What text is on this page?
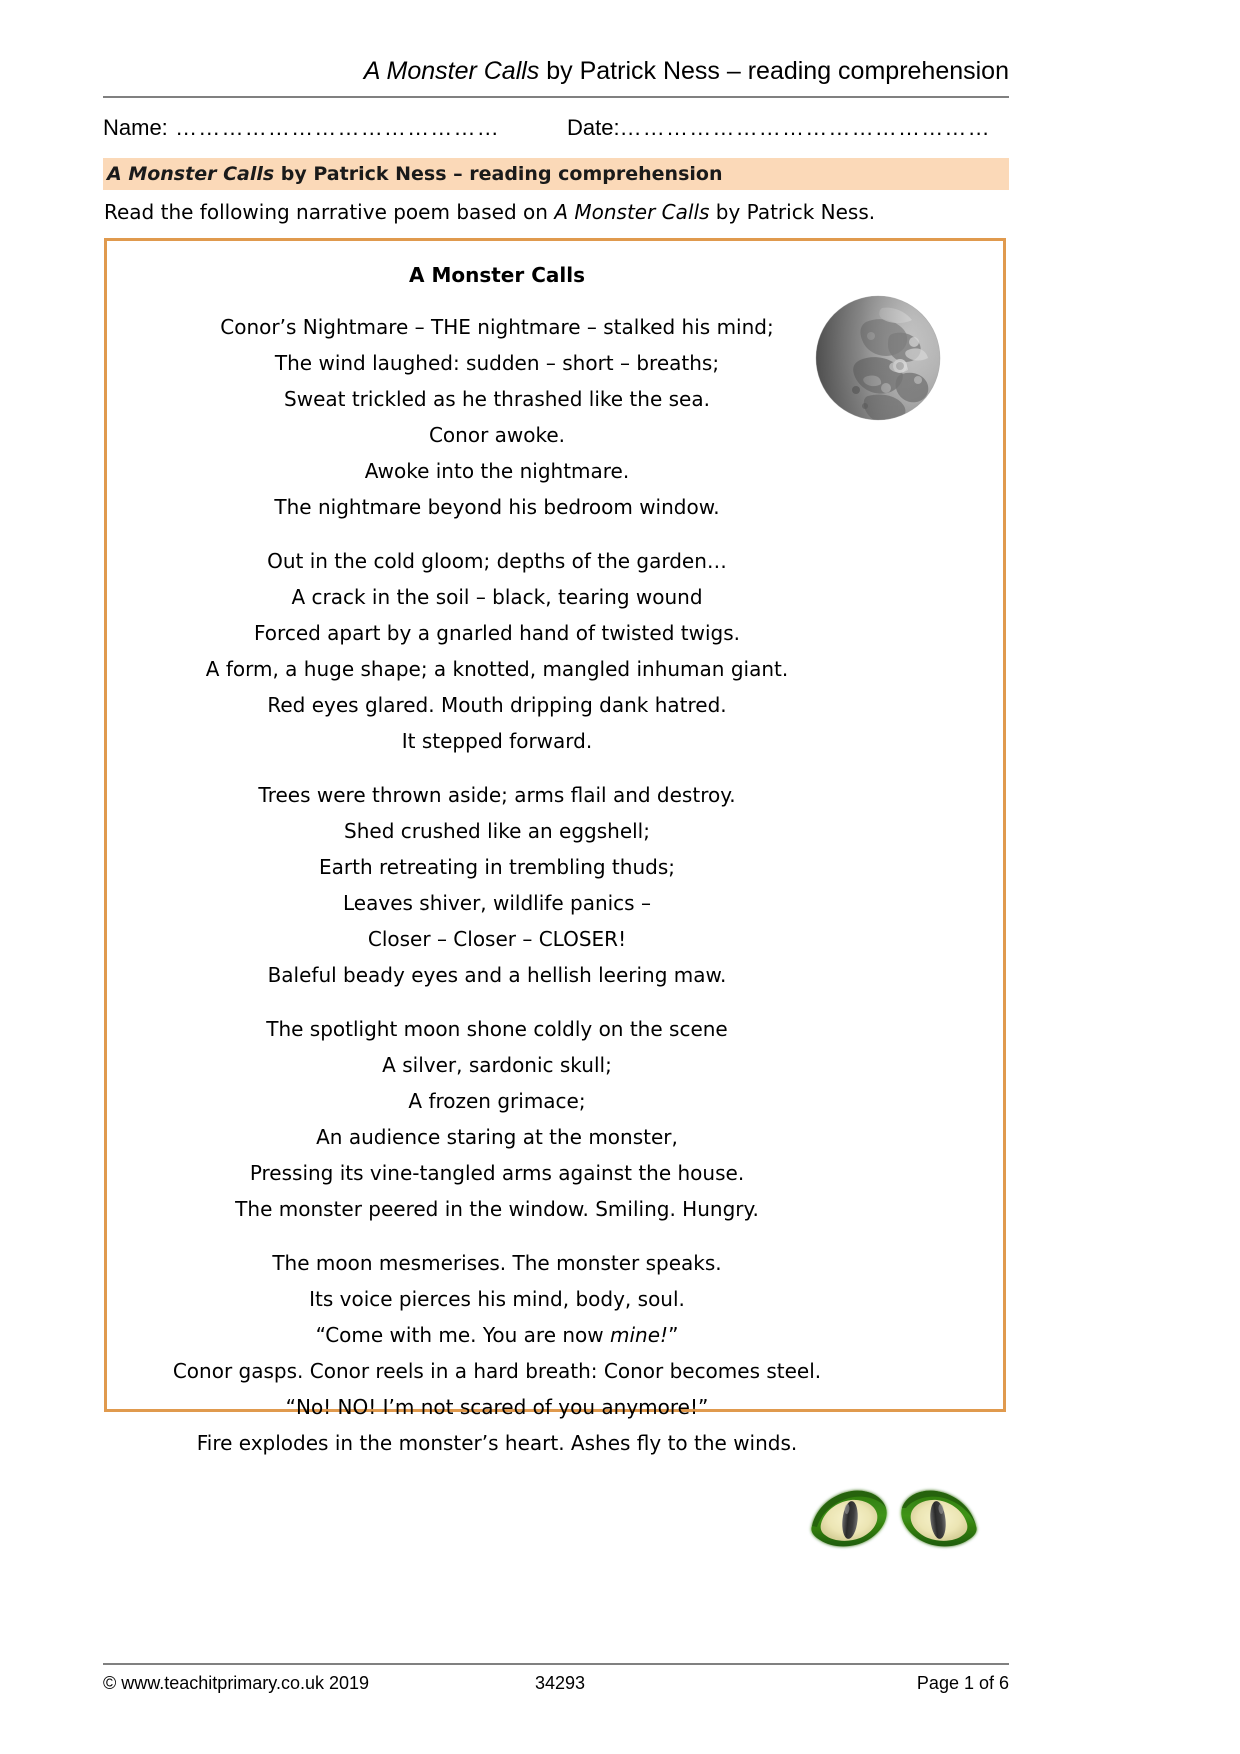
A Monster Calls by Patrick Ness – reading comprehension
Name: ……………………………………	Date:…………………………………………
A Monster Calls by Patrick Ness – reading comprehension
Read the following narrative poem based on A Monster Calls by Patrick Ness.
A Monster Calls
Conor’s Nightmare – THE nightmare – stalked his mind;
The wind laughed: sudden – short – breaths;
Sweat trickled as he thrashed like the sea.
Conor awoke.
Awoke into the nightmare.
The nightmare beyond his bedroom window.
Out in the cold gloom; depths of the garden…
A crack in the soil – black, tearing wound
Forced apart by a gnarled hand of twisted twigs.
A form, a huge shape; a knotted, mangled inhuman giant.
Red eyes glared. Mouth dripping dank hatred.
It stepped forward.
Trees were thrown aside; arms flail and destroy.
Shed crushed like an eggshell;
Earth retreating in trembling thuds;
Leaves shiver, wildlife panics –
Closer – Closer – CLOSER!
Baleful beady eyes and a hellish leering maw.
The spotlight moon shone coldly on the scene
A silver, sardonic skull;
A frozen grimace;
An audience staring at the monster,
Pressing its vine-tangled arms against the house.
The monster peered in the window. Smiling. Hungry.
The moon mesmerises. The monster speaks.
Its voice pierces his mind, body, soul.
“Come with me. You are now mine!”
Conor gasps. Conor reels in a hard breath: Conor becomes steel.
“No! NO! I’m not scared of you anymore!”
Fire explodes in the monster’s heart. Ashes fly to the winds.
© www.teachitprimary.co.uk 2019	34293	Page 1 of 6
